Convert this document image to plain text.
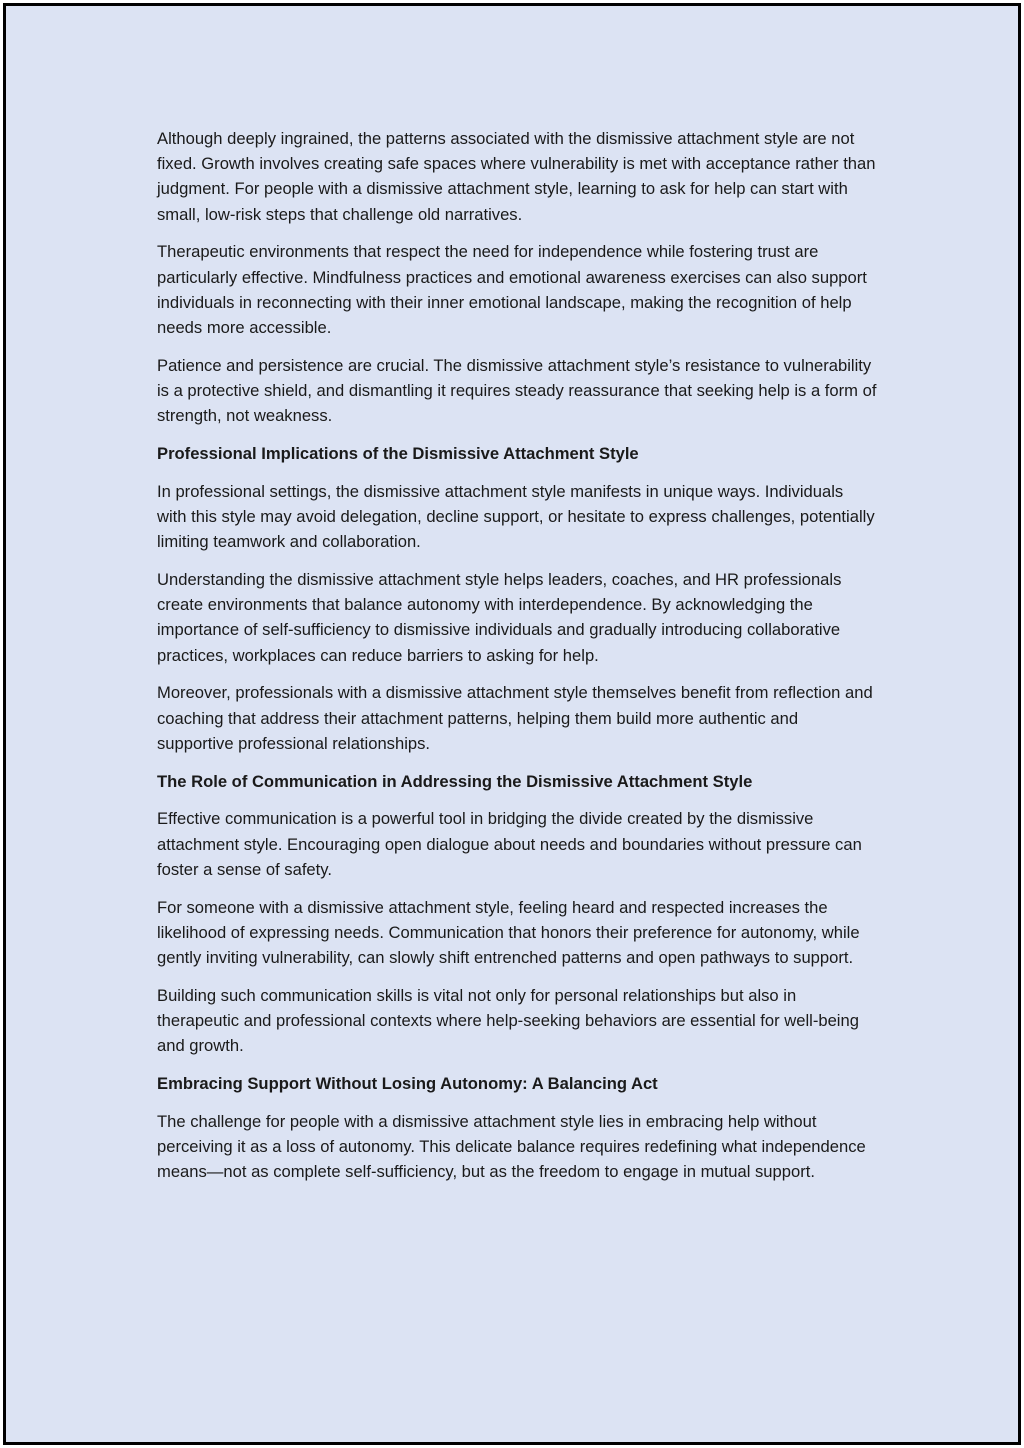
Although deeply ingrained, the patterns associated with the dismissive attachment style are not fixed. Growth involves creating safe spaces where vulnerability is met with acceptance rather than judgment. For people with a dismissive attachment style, learning to ask for help can start with small, low-risk steps that challenge old narratives.

Therapeutic environments that respect the need for independence while fostering trust are particularly effective. Mindfulness practices and emotional awareness exercises can also support individuals in reconnecting with their inner emotional landscape, making the recognition of help needs more accessible.

Patience and persistence are crucial. The dismissive attachment style’s resistance to vulnerability is a protective shield, and dismantling it requires steady reassurance that seeking help is a form of strength, not weakness.

Professional Implications of the Dismissive Attachment Style

In professional settings, the dismissive attachment style manifests in unique ways. Individuals with this style may avoid delegation, decline support, or hesitate to express challenges, potentially limiting teamwork and collaboration.

Understanding the dismissive attachment style helps leaders, coaches, and HR professionals create environments that balance autonomy with interdependence. By acknowledging the importance of self-sufficiency to dismissive individuals and gradually introducing collaborative practices, workplaces can reduce barriers to asking for help.

Moreover, professionals with a dismissive attachment style themselves benefit from reflection and coaching that address their attachment patterns, helping them build more authentic and supportive professional relationships.

The Role of Communication in Addressing the Dismissive Attachment Style

Effective communication is a powerful tool in bridging the divide created by the dismissive attachment style. Encouraging open dialogue about needs and boundaries without pressure can foster a sense of safety.

For someone with a dismissive attachment style, feeling heard and respected increases the likelihood of expressing needs. Communication that honors their preference for autonomy, while gently inviting vulnerability, can slowly shift entrenched patterns and open pathways to support.

Building such communication skills is vital not only for personal relationships but also in therapeutic and professional contexts where help-seeking behaviors are essential for well-being and growth.

Embracing Support Without Losing Autonomy: A Balancing Act

The challenge for people with a dismissive attachment style lies in embracing help without perceiving it as a loss of autonomy. This delicate balance requires redefining what independence means—not as complete self-sufficiency, but as the freedom to engage in mutual support.
